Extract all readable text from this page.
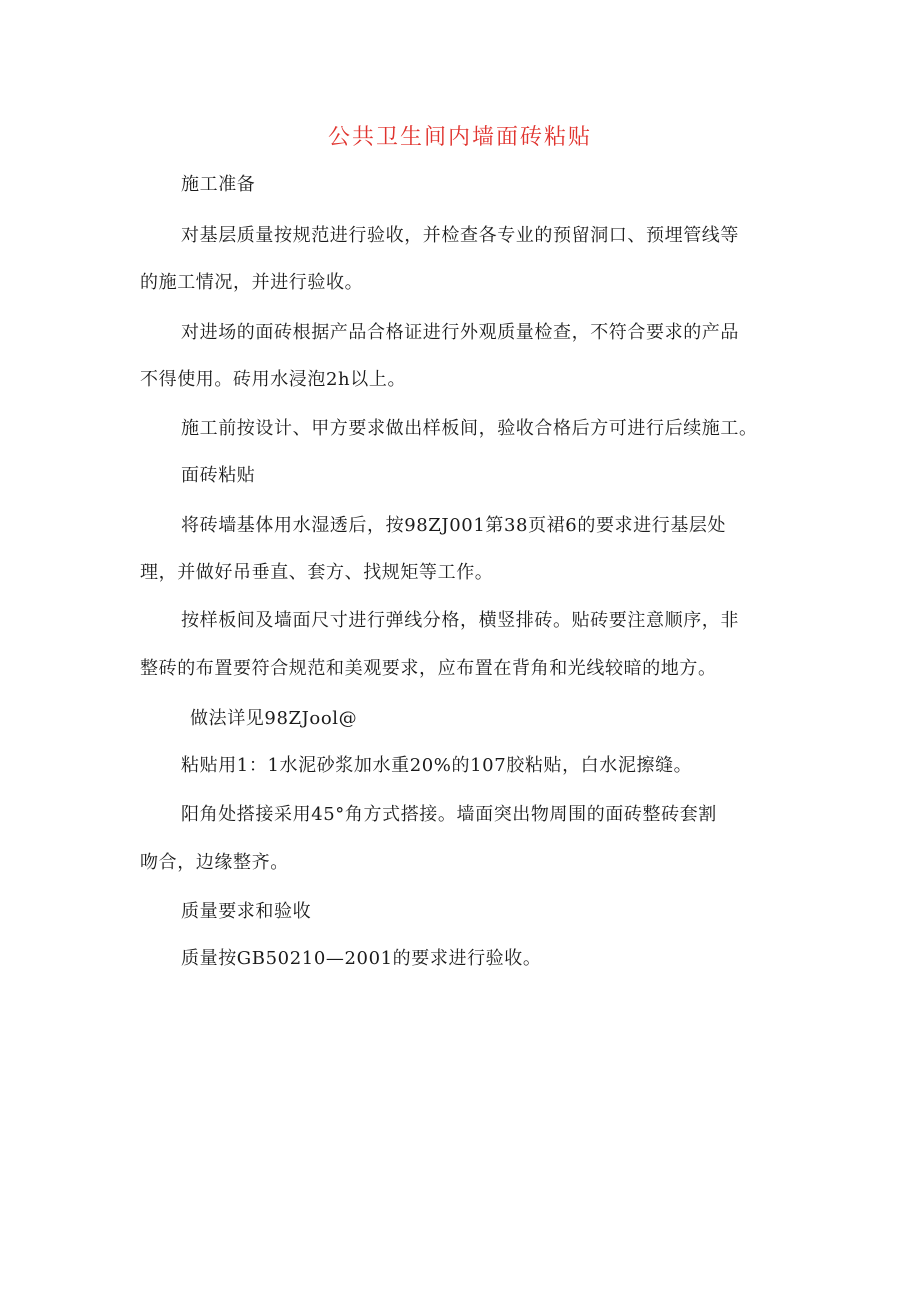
公共卫生间内墙面砖粘贴
施工准备
对基层质量按规范进行验收，并检查各专业的预留洞口、预埋管线等
的施工情况，并进行验收。
对进场的面砖根据产品合格证进行外观质量检查，不符合要求的产品
不得使用。砖用水浸泡2h以上。
施工前按设计、甲方要求做出样板间，验收合格后方可进行后续施工。
面砖粘贴
将砖墙基体用水湿透后，按98ZJ001第38页裙6的要求进行基层处
理，并做好吊垂直、套方、找规矩等工作。
按样板间及墙面尺寸进行弹线分格，横竖排砖。贴砖要注意顺序，非
整砖的布置要符合规范和美观要求，应布置在背角和光线较暗的地方。
做法详见98ZJool@
粘贴用1：1水泥砂浆加水重20%的107胶粘贴，白水泥擦缝。
阳角处搭接采用45°角方式搭接。墙面突出物周围的面砖整砖套割
吻合，边缘整齐。
质量要求和验收
质量按GB50210—2001的要求进行验收。
